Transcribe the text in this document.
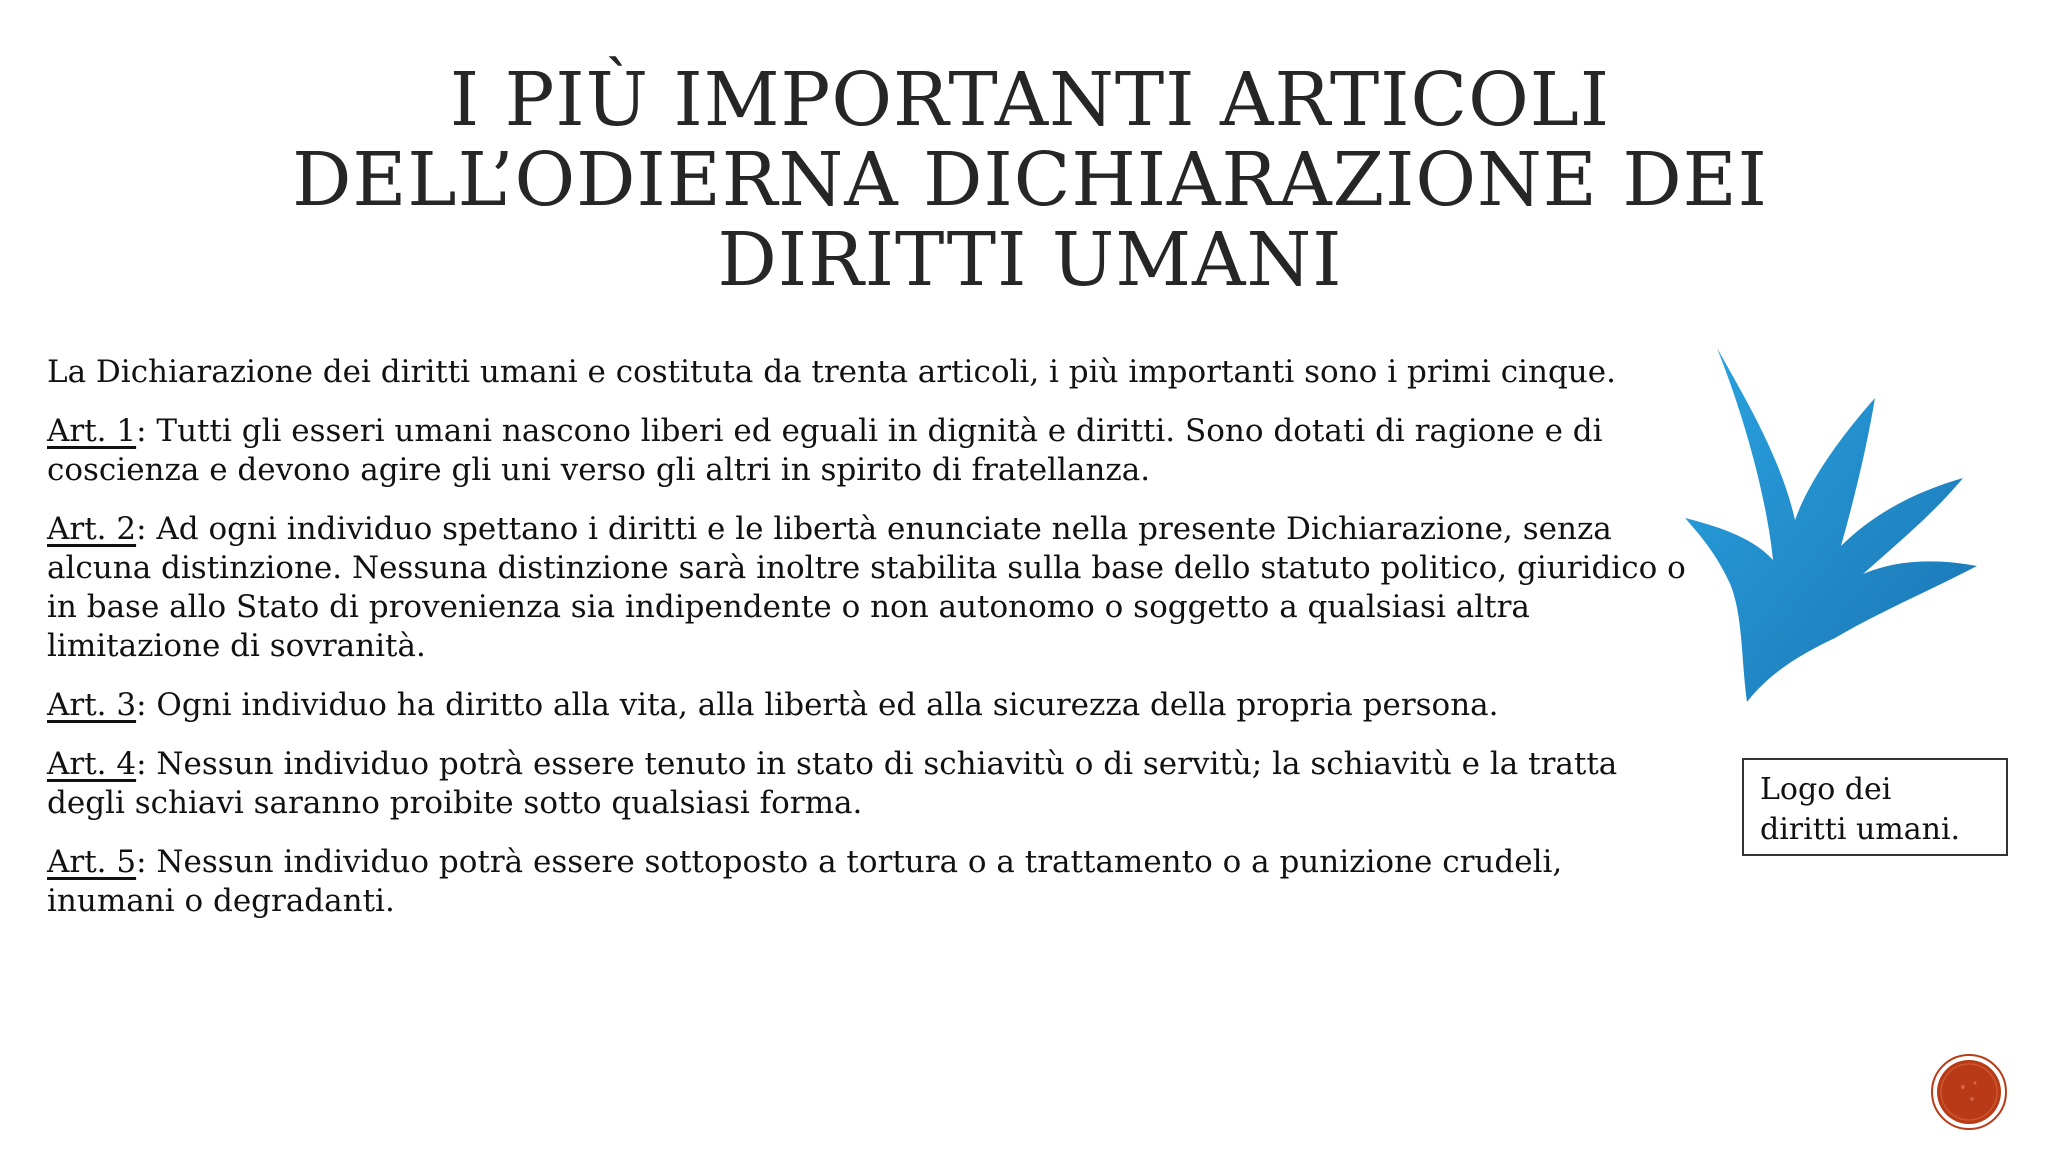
I PIÙ IMPORTANTI ARTICOLI
DELL’ODIERNA DICHIARAZIONE DEI
DIRITTI UMANI

La Dichiarazione dei diritti umani e costituta da trenta articoli, i più importanti sono i primi cinque.

Art. 1: Tutti gli esseri umani nascono liberi ed eguali in dignità e diritti. Sono dotati di ragione e di coscienza e devono agire gli uni verso gli altri in spirito di fratellanza.

Art. 2: Ad ogni individuo spettano i diritti e le libertà enunciate nella presente Dichiarazione, senza alcuna distinzione. Nessuna distinzione sarà inoltre stabilita sulla base dello statuto politico, giuridico o in base allo Stato di provenienza sia indipendente o non autonomo o soggetto a qualsiasi altra limitazione di sovranità.

Art. 3: Ogni individuo ha diritto alla vita, alla libertà ed alla sicurezza della propria persona.

Art. 4: Nessun individuo potrà essere tenuto in stato di schiavitù o di servitù; la schiavitù e la tratta degli schiavi saranno proibite sotto qualsiasi forma.

Art. 5: Nessun individuo potrà essere sottoposto a tortura o a trattamento o a punizione crudeli, inumani o degradanti.

Logo dei
diritti umani.
